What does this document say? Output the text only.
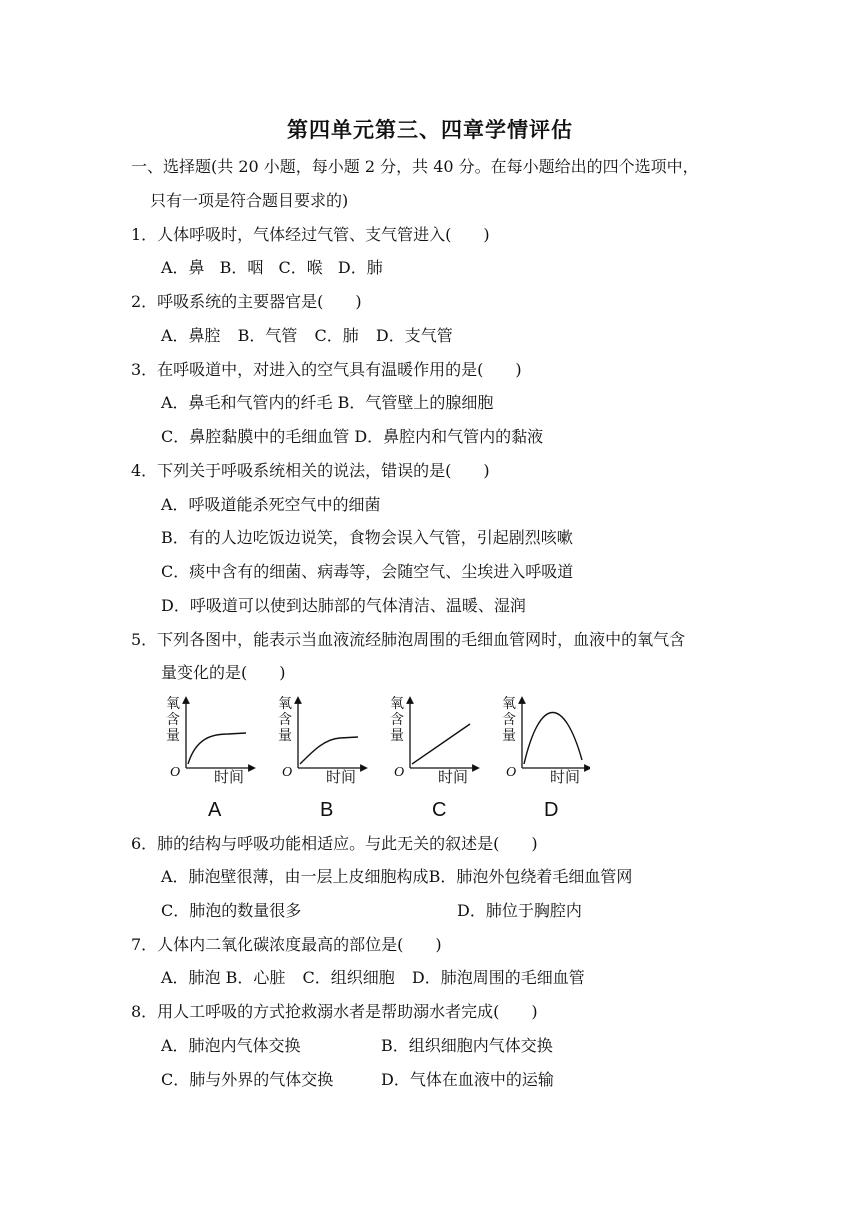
第四单元第三、四章学情评估
一、选择题(共 20 小题，每小题 2 分，共 40 分。在每小题给出的四个选项中，
只有一项是符合题目要求的)
1．人体呼吸时，气体经过气管、支气管进入(　　)
A．鼻 B．咽 C．喉 D．肺
2．呼吸系统的主要器官是(　　)
A．鼻腔 B．气管 C．肺 D．支气管
3．在呼吸道中，对进入的空气具有温暖作用的是(　　)
A．鼻毛和气管内的纤毛 B．气管壁上的腺细胞
C．鼻腔黏膜中的毛细血管 D．鼻腔内和气管内的黏液
4．下列关于呼吸系统相关的说法，错误的是(　　)
A．呼吸道能杀死空气中的细菌
B．有的人边吃饭边说笑，食物会误入气管，引起剧烈咳嗽
C．痰中含有的细菌、病毒等，会随空气、尘埃进入呼吸道
D．呼吸道可以使到达肺部的气体清洁、温暖、湿润
5．下列各图中，能表示当血液流经肺泡周围的毛细血管网时，血液中的氧气含
量变化的是(　　)
氧
含
量
O 时间
A
氧
含
量
O 时间
B
氧
含
量
O 时间
C
氧
含
量
O 时间
D
6．肺的结构与呼吸功能相适应。与此无关的叙述是(　　)
A．肺泡壁很薄，由一层上皮细胞构成B．肺泡外包绕着毛细血管网
C．肺泡的数量很多	D．肺位于胸腔内
7．人体内二氧化碳浓度最高的部位是(　　)
A．肺泡 B．心脏 C．组织细胞 D．肺泡周围的毛细血管
8．用人工呼吸的方式抢救溺水者是帮助溺水者完成(　　)
A．肺泡内气体交换	B．组织细胞内气体交换
C．肺与外界的气体交换	D．气体在血液中的运输
